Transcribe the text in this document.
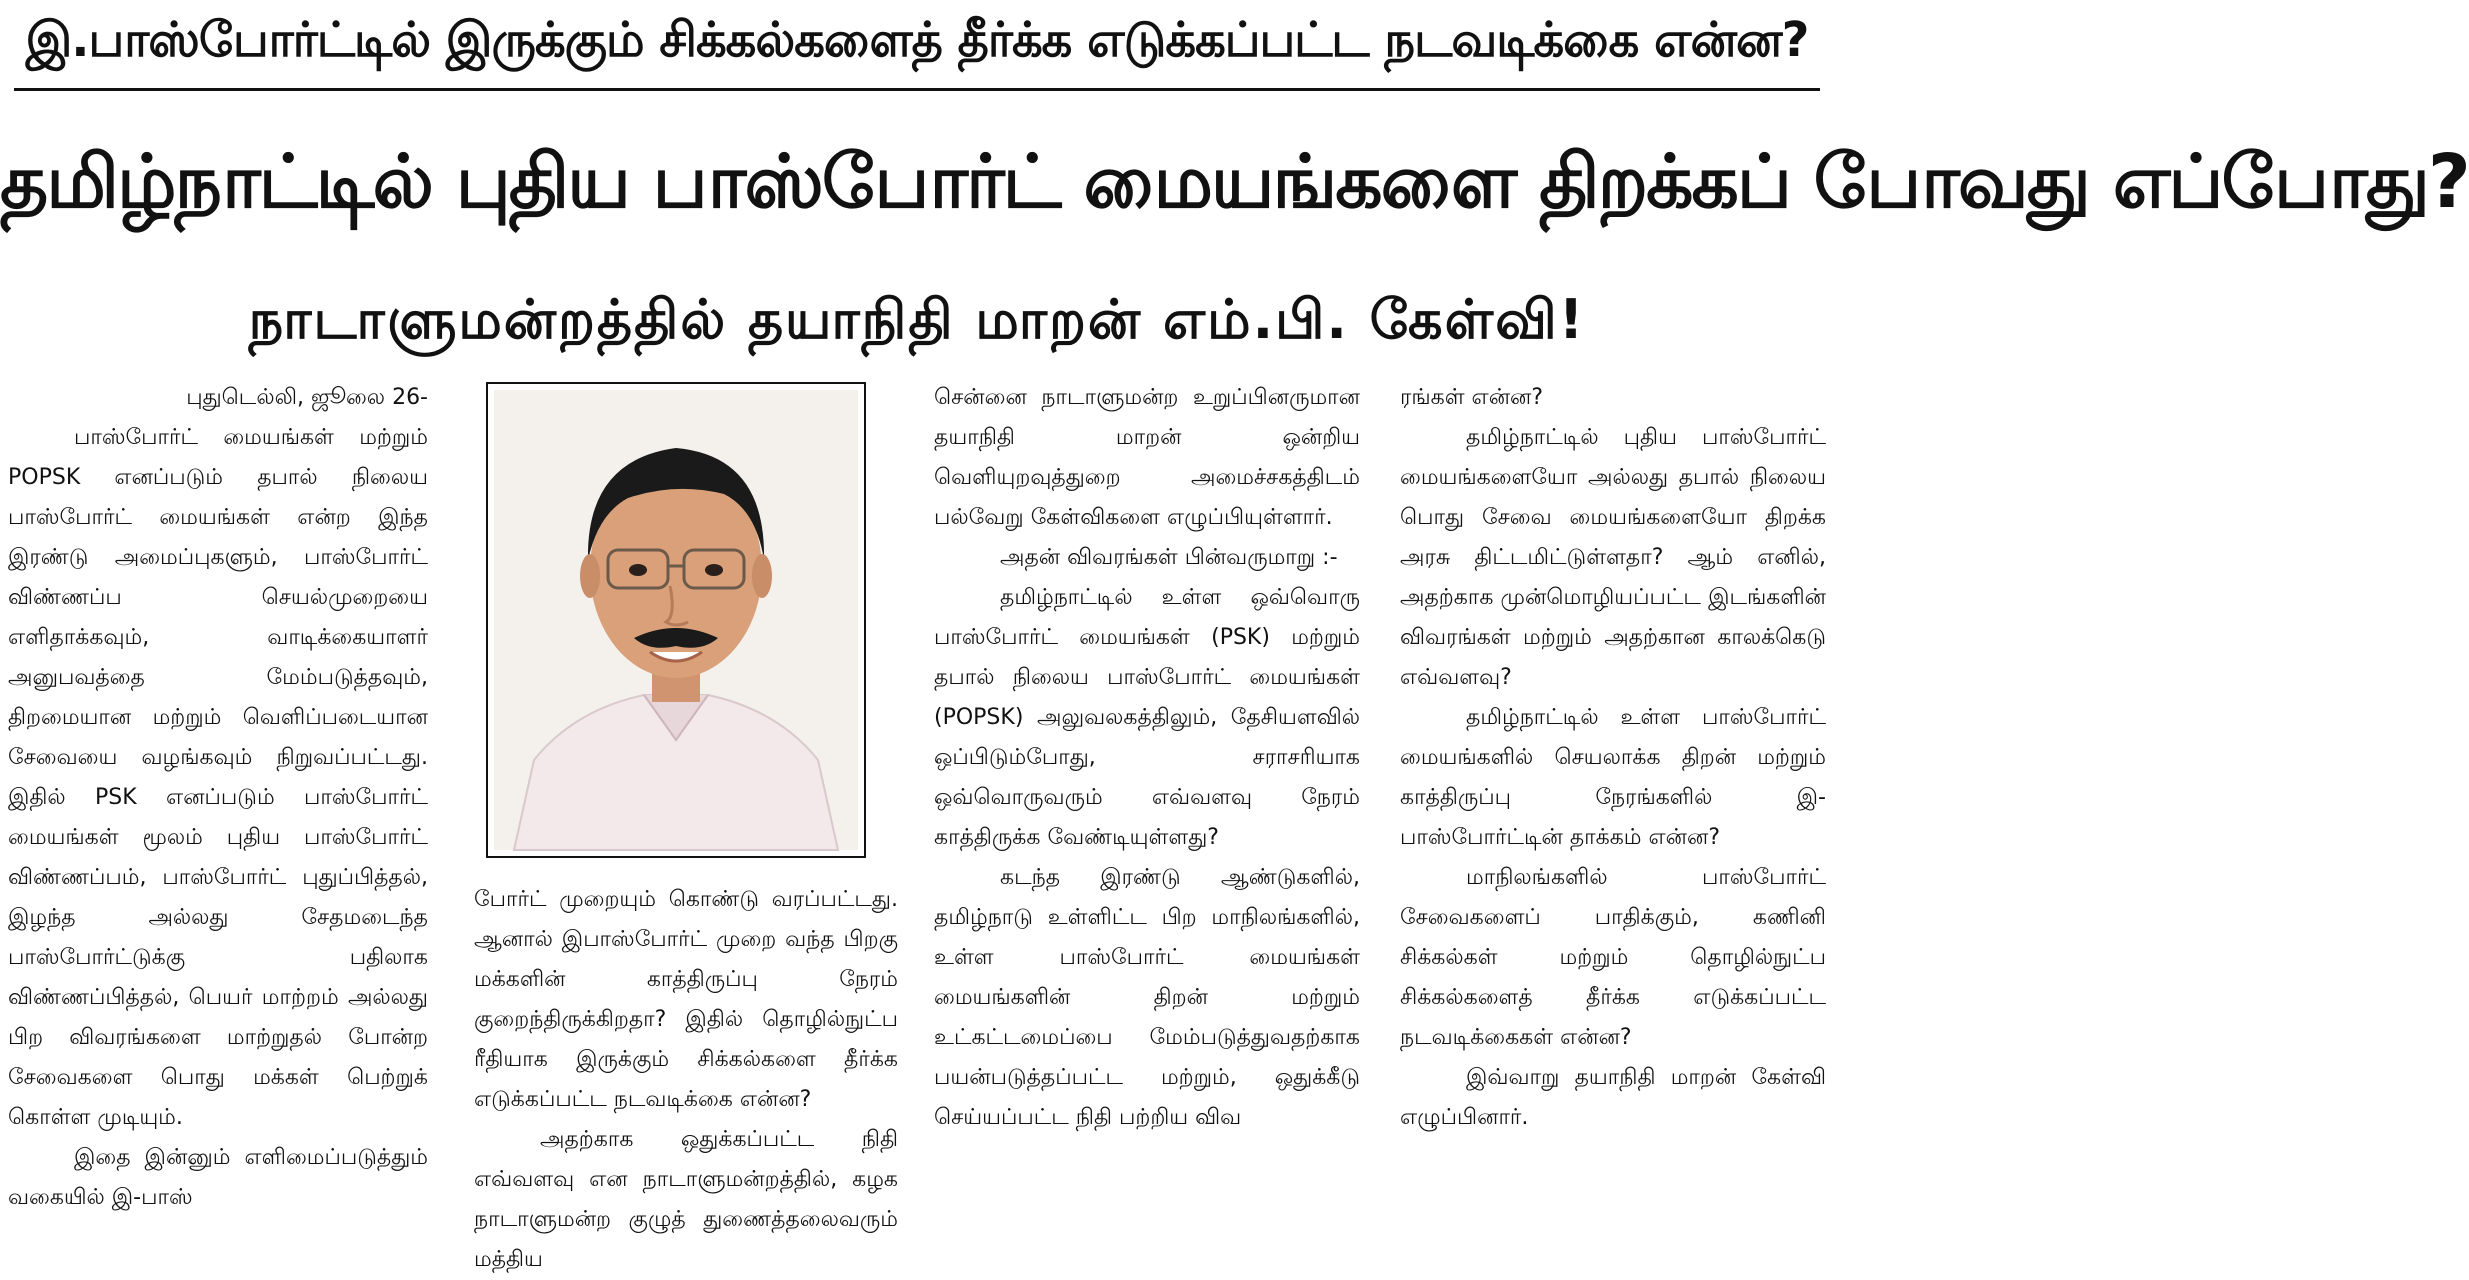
இ.பாஸ்போர்ட்டில் இருக்கும் சிக்கல்களைத் தீர்க்க எடுக்கப்பட்ட நடவடிக்கை என்ன?
தமிழ்நாட்டில் புதிய பாஸ்போர்ட் மையங்களை திறக்கப் போவது எப்போது?
நாடாளுமன்றத்தில் தயாநிதி மாறன் எம்.பி. கேள்வி!

புதுடெல்லி, ஜூலை 26-

பாஸ்போர்ட் மையங்கள் மற்றும் POPSK எனப்படும் தபால் நிலைய பாஸ்போர்ட் மையங்கள் என்ற இந்த இரண்டு அமைப்புகளும், பாஸ்போர்ட் விண்ணப்ப செயல்முறையை எளிதாக்கவும், வாடிக்கையாளர் அனுபவத்தை மேம்படுத்தவும், திறமையான மற்றும் வெளிப்படையான சேவையை வழங்கவும் நிறுவப்பட்டது. இதில் PSK எனப்படும் பாஸ்போர்ட் மையங்கள் மூலம் புதிய பாஸ்போர்ட் விண்ணப்பம், பாஸ்போர்ட் புதுப்பித்தல், இழந்த அல்லது சேதமடைந்த பாஸ்போர்ட்டுக்கு பதிலாக விண்ணப்பித்தல், பெயர் மாற்றம் அல்லது பிற விவரங்களை மாற்றுதல் போன்ற சேவைகளை பொது மக்கள் பெற்றுக் கொள்ள முடியும்.

இதை இன்னும் எளிமைப்படுத்தும் வகையில் இ-பாஸ்

போர்ட் முறையும் கொண்டு வரப்பட்டது. ஆனால் இபாஸ்போர்ட் முறை வந்த பிறகு மக்களின் காத்திருப்பு நேரம் குறைந்திருக்கிறதா? இதில் தொழில்நுட்ப ரீதியாக இருக்கும் சிக்கல்களை தீர்க்க எடுக்கப்பட்ட நடவடிக்கை என்ன?

அதற்காக ஒதுக்கப்பட்ட நிதி எவ்வளவு என நாடாளுமன்றத்தில், கழக நாடாளுமன்ற குழுத் துணைத்தலைவரும் மத்திய

சென்னை நாடாளுமன்ற உறுப்பினருமான தயாநிதி மாறன் ஒன்றிய வெளியுறவுத்துறை அமைச்சகத்திடம் பல்வேறு கேள்விகளை எழுப்பியுள்ளார்.

அதன் விவரங்கள் பின்வருமாறு :-

தமிழ்நாட்டில் உள்ள ஒவ்வொரு பாஸ்போர்ட் மையங்கள் (PSK) மற்றும் தபால் நிலைய பாஸ்போர்ட் மையங்கள் (POPSK) அலுவலகத்திலும், தேசியளவில் ஒப்பிடும்போது, சராசரியாக ஒவ்வொருவரும் எவ்வளவு நேரம் காத்திருக்க வேண்டியுள்ளது?

கடந்த இரண்டு ஆண்டுகளில், தமிழ்நாடு உள்ளிட்ட பிற மாநிலங்களில், உள்ள பாஸ்போர்ட் மையங்கள் மையங்களின் திறன் மற்றும் உட்கட்டமைப்பை மேம்படுத்துவதற்காக பயன்படுத்தப்பட்ட மற்றும், ஒதுக்கீடு செய்யப்பட்ட நிதி பற்றிய விவ

ரங்கள் என்ன?

தமிழ்நாட்டில் புதிய பாஸ்போர்ட் மையங்களையோ அல்லது தபால் நிலைய பொது சேவை மையங்களையோ திறக்க அரசு திட்டமிட்டுள்ளதா? ஆம் எனில், அதற்காக முன்மொழியப்பட்ட இடங்களின் விவரங்கள் மற்றும் அதற்கான காலக்கெடு எவ்வளவு?

தமிழ்நாட்டில் உள்ள பாஸ்போர்ட் மையங்களில் செயலாக்க திறன் மற்றும் காத்திருப்பு நேரங்களில் இ-பாஸ்போர்ட்டின் தாக்கம் என்ன?

மாநிலங்களில் பாஸ்போர்ட் சேவைகளைப் பாதிக்கும், கணினி சிக்கல்கள் மற்றும் தொழில்நுட்ப சிக்கல்களைத் தீர்க்க எடுக்கப்பட்ட நடவடிக்கைகள் என்ன?

இவ்வாறு தயாநிதி மாறன் கேள்வி எழுப்பினார்.
